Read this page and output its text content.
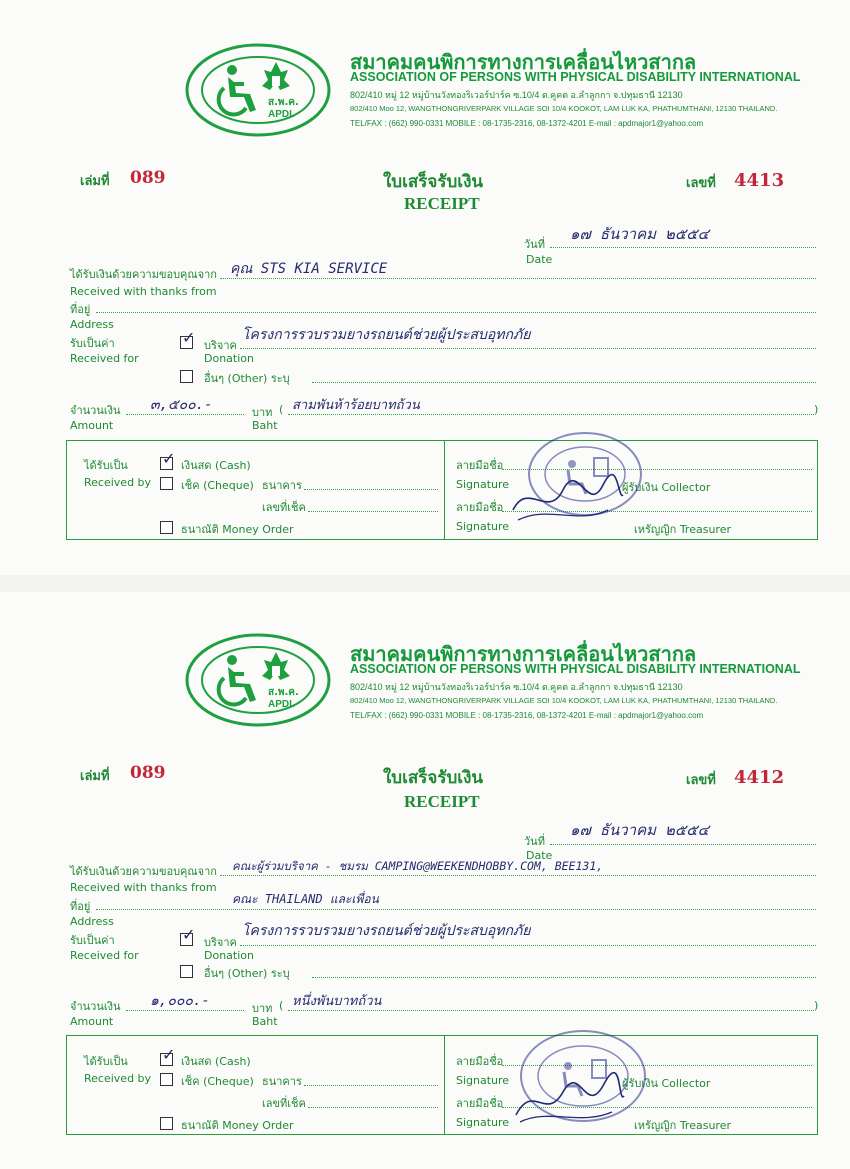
ส.พ.ค.
APDI.
สมาคมคนพิการทางการเคลื่อนไหวสากล
ASSOCIATION OF PERSONS WITH PHYSICAL DISABILITY INTERNATIONAL
802/410 หมู่ 12 หมู่บ้านวังทองริเวอร์ปาร์ค ซ.10/4 ต.คูคต อ.ลำลูกกา จ.ปทุมธานี 12130
802/410 Moo 12, WANGTHONGRIVERPARK VILLAGE SOI 10/4 KOOKOT, LAM LUK KA, PHATHUMTHANI, 12130 THAILAND.
TEL/FAX : (662) 990-0331 MOBILE : 08-1735-2316, 08-1372-4201 E-mail : apdmajor1@yahoo.com
เล่มที่ 089	ใบเสร็จรับเงิน
RECEIPT
เลขที่ 4413
วันที่
๑๗ ธันวาคม ๒๕๕๔
Date
ได้รับเงินด้วยความขอบคุณจาก คุณ STS KIA SERVICE
Received with thanks from
ที่อยู่
Address
รับเป็นค่า
Received for
✓ บริจาค
โครงการรวบรวมยางรถยนต์ช่วยผู้ประสบอุทกภัย
Donation
อื่นๆ (Other) ระบุ
จำนวนเงิน ๓,๕๐๐.-
Amount
บาท ( สามพันห้าร้อยบาทถ้วน	)
Baht
ได้รับเป็น
Received by
✓ เงินสด (Cash)
เช็ค (Cheque) ธนาคาร
เลขที่เช็ค
ธนาณัติ Money Order
ลายมือชื่อ
Signature	ผู้รับเงิน Collector
ลายมือชื่อ
Signature	เหรัญญิก Treasurer
ส.พ.ค.
APDI.
สมาคมคนพิการทางการเคลื่อนไหวสากล
ASSOCIATION OF PERSONS WITH PHYSICAL DISABILITY INTERNATIONAL
802/410 หมู่ 12 หมู่บ้านวังทองริเวอร์ปาร์ค ซ.10/4 ต.คูคต อ.ลำลูกกา จ.ปทุมธานี 12130
802/410 Moo 12, WANGTHONGRIVERPARK VILLAGE SOI 10/4 KOOKOT, LAM LUK KA, PHATHUMTHANI, 12130 THAILAND.
TEL/FAX : (662) 990-0331 MOBILE : 08-1735-2316, 08-1372-4201 E-mail : apdmajor1@yahoo.com
เล่มที่ 089	ใบเสร็จรับเงิน
RECEIPT
เลขที่ 4412
วันที่
๑๗ ธันวาคม ๒๕๕๔
Date
ได้รับเงินด้วยความขอบคุณจาก คณะผู้ร่วมบริจาค - ชมรม CAMPING@WEEKENDHOBBY.COM, BEE131,
Received with thanks from
ที่อยู่
คณะ THAILAND และเพื่อน
Address
รับเป็นค่า
Received for
✓ บริจาค
โครงการรวบรวมยางรถยนต์ช่วยผู้ประสบอุทกภัย
Donation
อื่นๆ (Other) ระบุ
จำนวนเงิน ๑,๐๐๐.-
Amount
บาท ( หนึ่งพันบาทถ้วน	)
Baht
ได้รับเป็น
Received by
✓ เงินสด (Cash)
เช็ค (Cheque) ธนาคาร
เลขที่เช็ค
ธนาณัติ Money Order
ลายมือชื่อ
Signature	ผู้รับเงิน Collector
ลายมือชื่อ
Signature	เหรัญญิก Treasurer
